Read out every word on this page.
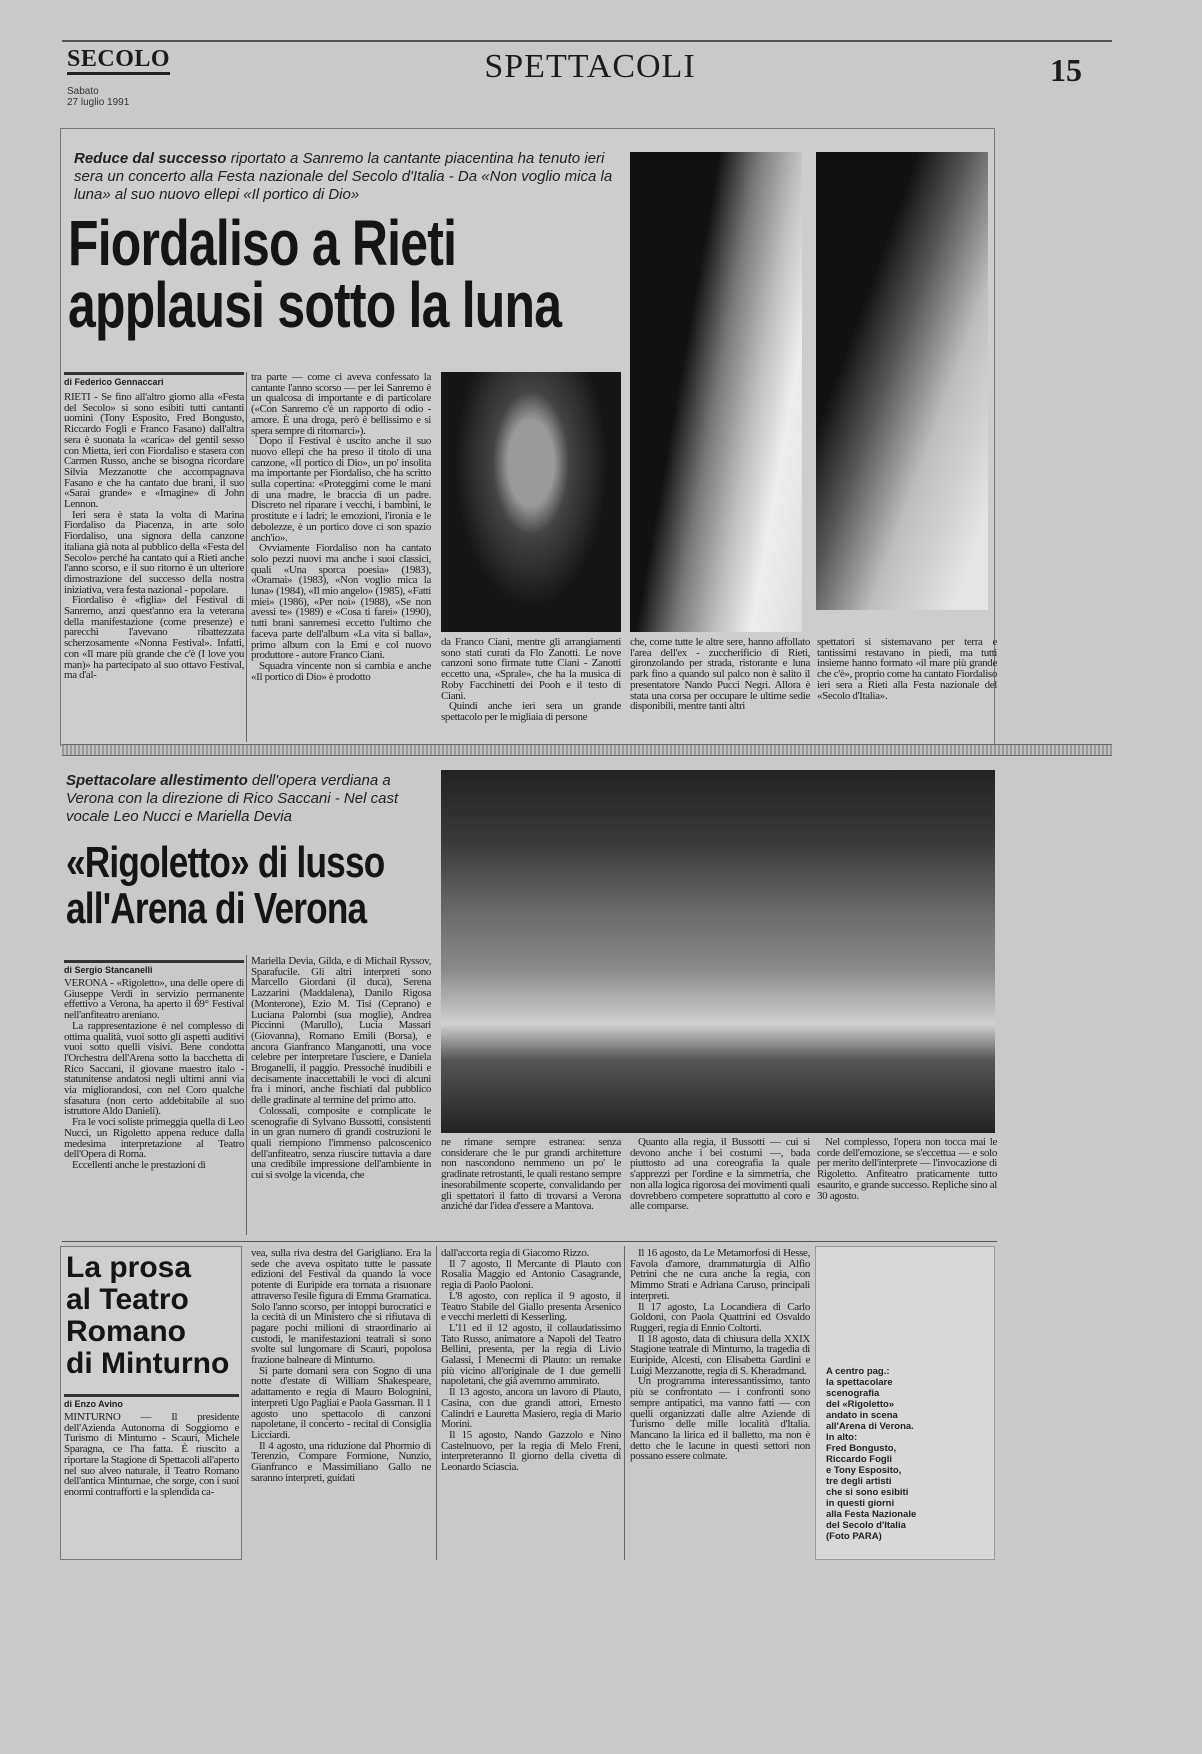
SECOLO
Sabato
27 luglio 1991
SPETTACOLI	15
Reduce dal successo riportato a Sanremo la cantante piacentina ha tenuto ieri sera un concerto alla Festa nazionale del Secolo d'Italia - Da «Non voglio mica la luna» al suo nuovo ellepi «Il portico di Dio»
Fiordaliso a Rieti
applausi sotto la luna
di Federico Gennaccari

RIETI - Se fino all'altro giorno alla «Festa del Secolo» si sono esibiti tutti cantanti uomini (Tony Esposito, Fred Bongusto, Riccardo Fogli e Franco Fasano) dall'altra sera è suonata la «carica» del gentil sesso con Mietta, ieri con Fiordaliso e stasera con Carmen Russo, anche se bisogna ricordare Silvia Mezzanotte che accompagnava Fasano e che ha cantato due brani, il suo «Sarai grande» e «Imagine» di John Lennon.

Ieri sera è stata la volta di Marina Fiordaliso da Piacenza, in arte solo Fiordaliso, una signora della canzone italiana già nota al pubblico della «Festa del Secolo» perché ha cantato qui a Rieti anche l'anno scorso, e il suo ritorno è un ulteriore dimostrazione del successo della nostra iniziativa, vera festa nazional - popolare.

Fiordaliso è «figlia» del Festival di Sanremo, anzi quest'anno era la veterana della manifestazione (come presenze) e parecchi l'avevano ribattezzata scherzosamente «Nonna Festival». Infatti, con «Il mare più grande che c'è (I love you man)» ha partecipato al suo ottavo Festival, ma d'al-

tra parte — come ci aveva confessato la cantante l'anno scorso — per lei Sanremo è un qualcosa di importante e di particolare («Con Sanremo c'è un rapporto di odio - amore. È una droga, però è bellissimo e si spera sempre di ritornarci»).

Dopo il Festival è uscito anche il suo nuovo ellepi che ha preso il titolo di una canzone, «Il portico di Dio», un po' insolita ma importante per Fiordaliso, che ha scritto sulla copertina: «Proteggimi come le mani di una madre, le braccia di un padre. Discreto nel riparare i vecchi, i bambini, le prostitute e i ladri; le emozioni, l'ironia e le debolezze, è un portico dove ci son spazio anch'io».

Ovviamente Fiordaliso non ha cantato solo pezzi nuovi ma anche i suoi classici, quali «Una sporca poesia» (1983), «Oramai» (1983), «Non voglio mica la luna» (1984), «Il mio angelo» (1985), «Fatti miei» (1986), «Per noi» (1988), «Se non avessi te» (1989) e «Cosa ti farei» (1990), tutti brani sanremesi eccetto l'ultimo che faceva parte dell'album «La vita si balla», primo album con la Emi e col nuovo produttore - autore Franco Ciani.

Squadra vincente non si cambia e anche «Il portico di Dio» è prodotto

da Franco Ciani, mentre gli arrangiamenti sono stati curati da Flo Zanotti. Le nove canzoni sono firmate tutte Ciani - Zanotti eccetto una, «Sprale», che ha la musica di Roby Facchinetti dei Pooh e il testo di Ciani.

Quindi anche ieri sera un grande spettacolo per le migliaia di persone

che, come tutte le altre sere, hanno affollato l'area dell'ex - zuccherificio di Rieti, gironzolando per strada, ristorante e luna park fino a quando sul palco non è salito il presentatore Nando Pucci Negri. Allora è stata una corsa per occupare le ultime sedie disponibili, mentre tanti altri

spettatori si sistemavano per terra e tantissimi restavano in piedi, ma tutti insieme hanno formato «il mare più grande che c'è», proprio come ha cantato Fiordaliso ieri sera a Rieti alla Festa nazionale del «Secolo d'Italia».

Spettacolare allestimento dell'opera verdiana a Verona con la direzione di Rico Saccani - Nel cast vocale Leo Nucci e Mariella Devia
«Rigoletto» di lusso
all'Arena di Verona
di Sergio Stancanelli

VERONA - «Rigoletto», una delle opere di Giuseppe Verdi in servizio permanente effettivo a Verona, ha aperto il 69° Festival nell'anfiteatro areniano.

La rappresentazione è nel complesso di ottima qualità, vuoi sotto gli aspetti auditivi vuoi sotto quelli visivi. Bene condotta l'Orchestra dell'Arena sotto la bacchetta di Rico Saccani, il giovane maestro italo - statunitense andatosi negli ultimi anni via via migliorandosi, con nel Coro qualche sfasatura (non certo addebitabile al suo istruttore Aldo Danieli).

Fra le voci soliste primeggia quella di Leo Nucci, un Rigoletto appena reduce dalla medesima interpretazione al Teatro dell'Opera di Roma.

Eccellenti anche le prestazioni di

Mariella Devia, Gilda, e di Michail Ryssov, Sparafucile. Gli altri interpreti sono Marcello Giordani (il duca), Serena Lazzarini (Maddalena), Danilo Rigosa (Monterone), Ezio M. Tisi (Ceprano) e Luciana Palombi (sua moglie), Andrea Piccinni (Marullo), Lucia Massari (Giovanna), Romano Emili (Borsa), e ancora Gianfranco Manganotti, una voce celebre per interpretare l'usciere, e Daniela Broganelli, il paggio. Pressoché inudibili e decisamente inaccettabili le voci di alcuni fra i minori, anche fischiati dal pubblico delle gradinate al termine del primo atto.

Colossali, composite e complicate le scenografie di Sylvano Bussotti, consistenti in un gran numero di grandi costruzioni le quali riempiono l'immenso palcoscenico dell'anfiteatro, senza riuscire tuttavia a dare una credibile impressione dell'ambiente in cui si svolge la vicenda, che

ne rimane sempre estranea: senza considerare che le pur grandi architetture non nascondono nemmeno un po' le gradinate retrostanti, le quali restano sempre inesorabilmente scoperte, convalidando per gli spettatori il fatto di trovarsi a Verona anziché dar l'idea d'essere a Mantova.

Quanto alla regia, il Bussotti — cui si devono anche i bei costumi —, bada piuttosto ad una coreografia la quale s'apprezzi per l'ordine e la simmetria, che non alla logica rigorosa dei movimenti quali dovrebbero competere soprattutto al coro e alle comparse.

Nel complesso, l'opera non tocca mai le corde dell'emozione, se s'eccettua — e solo per merito dell'interprete — l'invocazione di Rigoletto. Anfiteatro praticamente tutto esaurito, e grande successo. Repliche sino al 30 agosto.

La prosa
al Teatro
Romano
di Minturno
di Enzo Avino

MINTURNO — Il presidente dell'Azienda Autonoma di Soggiorno e Turismo di Minturno - Scauri, Michele Sparagna, ce l'ha fatta. È riuscito a riportare la Stagione di Spettacoli all'aperto nel suo alveo naturale, il Teatro Romano dell'antica Minturnae, che sorge, con i suoi enormi contrafforti e la splendida ca-

vea, sulla riva destra del Garigliano. Era la sede che aveva ospitato tutte le passate edizioni del Festival da quando la voce potente di Euripide era tornata a risuonare attraverso l'esile figura di Emma Gramatica. Solo l'anno scorso, per intoppi burocratici e la cecità di un Ministero che si rifiutava di pagare pochi milioni di straordinario ai custodi, le manifestazioni teatrali si sono svolte sul lungomare di Scauri, popolosa frazione balneare di Minturno.

Si parte domani sera con Sogno di una notte d'estate di William Shakespeare, adattamento e regia di Mauro Bolognini, interpreti Ugo Pagliai e Paola Gassman. Il 1 agosto uno spettacolo di canzoni napoletane, il concerto - recital di Consiglia Licciardi.

Il 4 agosto, una riduzione dal Phormio di Terenzio, Compare Formione, Nunzio, Gianfranco e Massimiliano Gallo ne saranno interpreti, guidati

dall'accorta regia di Giacomo Rizzo.

Il 7 agosto, Il Mercante di Plauto con Rosalia Maggio ed Antonio Casagrande, regia di Paolo Paoloni.

L'8 agosto, con replica il 9 agosto, il Teatro Stabile del Giallo presenta Arsenico e vecchi merletti di Kesserling.

L'11 ed il 12 agosto, il collaudatissimo Tato Russo, animatore a Napoli del Teatro Bellini, presenta, per la regia di Livio Galassi, I Menecmi di Plauto: un remake più vicino all'originale de I due gemelli napoletani, che già avemmo ammirato.

Il 13 agosto, ancora un lavoro di Plauto, Casina, con due grandi attori, Ernesto Calindri e Lauretta Masiero, regia di Mario Morini.

Il 15 agosto, Nando Gazzolo e Nino Castelnuovo, per la regia di Melo Freni, interpreteranno Il giorno della civetta di Leonardo Sciascia.

Il 16 agosto, da Le Metamorfosi di Hesse, Favola d'amore, drammaturgia di Alfio Petrini che ne cura anche la regia, con Mimmo Strati e Adriana Caruso, principali interpreti.

Il 17 agosto, La Locandiera di Carlo Goldoni, con Paola Quattrini ed Osvaldo Ruggeri, regia di Ennio Coltorti.

Il 18 agosto, data di chiusura della XXIX Stagione teatrale di Minturno, la tragedia di Euripide, Alcesti, con Elisabetta Gardini e Luigi Mezzanotte, regia di S. Kheradmand.

Un programma interessantissimo, tanto più se confrontato — i confronti sono sempre antipatici, ma vanno fatti — con quelli organizzati dalle altre Aziende di Turismo delle mille località d'Italia. Mancano la lirica ed il balletto, ma non è detto che le lacune in questi settori non possano essere colmate.

A centro pag.:
la spettacolare
scenografia
del «Rigoletto»
andato in scena
all'Arena di Verona.
In alto:
Fred Bongusto,
Riccardo Fogli
e Tony Esposito,
tre degli artisti
che si sono esibiti
in questi giorni
alla Festa Nazionale
del Secolo d'Italia
(Foto PARA)
